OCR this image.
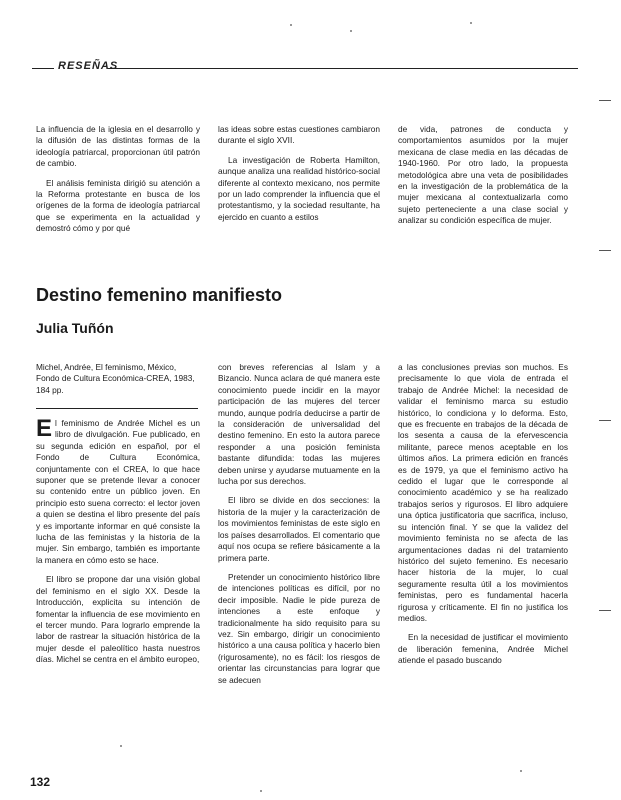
RESEÑAS

La influencia de la iglesia en el desarrollo y la difusión de las distintas formas de la ideología patriarcal, proporcionan útil patrón de cambio.

El análisis feminista dirigió su atención a la Reforma protestante en busca de los orígenes de la forma de ideología patriarcal que se experimenta en la actualidad y demostró cómo y por qué

las ideas sobre estas cuestiones cambiaron durante el siglo XVII.

La investigación de Roberta Hamilton, aunque analiza una realidad histórico-social diferente al contexto mexicano, nos permite por un lado comprender la influencia que el protestantismo, y la sociedad resultante, ha ejercido en cuanto a estilos

de vida, patrones de conducta y comportamientos asumidos por la mujer mexicana de clase media en las décadas de 1940-1960. Por otro lado, la propuesta metodológica abre una veta de posibilidades en la investigación de la problemática de la mujer mexicana al contextualizarla como sujeto perteneciente a una clase social y analizar su condición específica de mujer.

Destino femenino manifiesto
Julia Tuñón
Michel, Andrée, El feminismo, México, Fondo de Cultura Económica-CREA, 1983, 184 pp.

El feminismo de Andrée Michel es un libro de divulgación. Fue publicado, en su segunda edición en español, por el Fondo de Cultura Económica, conjuntamente con el CREA, lo que hace suponer que se pretende llevar a conocer su contenido entre un público joven. En principio esto suena correcto: el lector joven a quien se destina el libro presente del país y es importante informar en qué consiste la lucha de las feministas y la historia de la mujer. Sin embargo, también es importante la manera en cómo esto se hace.

El libro se propone dar una visión global del feminismo en el siglo XX. Desde la Introducción, explicita su intención de fomentar la influencia de ese movimiento en el tercer mundo. Para lograrlo emprende la labor de rastrear la situación histórica de la mujer desde el paleolítico hasta nuestros días. Michel se centra en el ámbito europeo,

con breves referencias al Islam y a Bizancio. Nunca aclara de qué manera este conocimiento puede incidir en la mayor participación de las mujeres del tercer mundo, aunque podría deducirse a partir de la consideración de universalidad del destino femenino. En esto la autora parece responder a una posición feminista bastante difundida: todas las mujeres deben unirse y ayudarse mutuamente en la lucha por sus derechos.

El libro se divide en dos secciones: la historia de la mujer y la caracterización de los movimientos feministas de este siglo en los países desarrollados. El comentario que aquí nos ocupa se refiere básicamente a la primera parte.

Pretender un conocimiento histórico libre de intenciones políticas es difícil, por no decir imposible. Nadie le pide pureza de intenciones a este enfoque y tradicionalmente ha sido requisito para su vez. Sin embargo, dirigir un conocimiento histórico a una causa política y hacerlo bien (rigurosamente), no es fácil: los riesgos de orientar las circunstancias para lograr que se adecuen

a las conclusiones previas son muchos. Es precisamente lo que viola de entrada el trabajo de Andrée Michel: la necesidad de validar el feminismo marca su estudio histórico, lo condiciona y lo deforma. Esto, que es frecuente en trabajos de la década de los sesenta a causa de la efervescencia militante, parece menos aceptable en los últimos años. La primera edición en francés es de 1979, ya que el feminismo activo ha cedido el lugar que le corresponde al conocimiento académico y se ha realizado trabajos serios y rigurosos. El libro adquiere una óptica justificatoria que sacrifica, incluso, su intención final. Y se que la validez del movimiento feminista no se afecta de las argumentaciones dadas ni del tratamiento histórico del sujeto femenino. Es necesario hacer historia de la mujer, lo cual seguramente resulta útil a los movimientos feministas, pero es fundamental hacerla rigurosa y críticamente. El fin no justifica los medios.

En la necesidad de justificar el movimiento de liberación femenina, Andrée Michel atiende el pasado buscando

132
